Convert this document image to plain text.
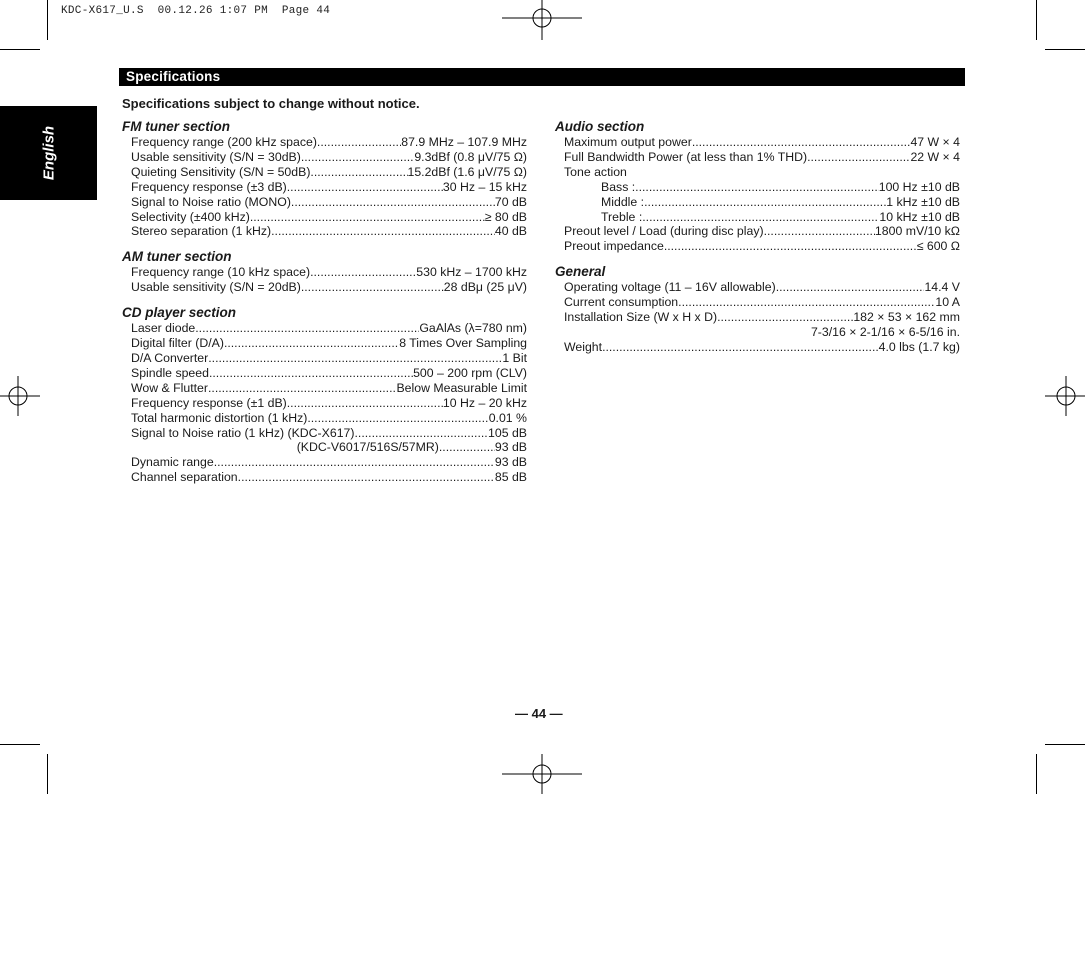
KDC-X617_U.S  00.12.26 1:07 PM  Page 44
Specifications
English
Specifications subject to change without notice.
FM tuner section
Frequency range (200 kHz space) .....	87.9 MHz – 107.9 MHz
Usable sensitivity (S/N = 30dB) .....	9.3dBf (0.8 μV/75 Ω)
Quieting Sensitivity (S/N = 50dB) .....	15.2dBf (1.6 μV/75 Ω)
Frequency response (±3 dB) .....	30 Hz – 15 kHz
Signal to Noise ratio (MONO) .....	70 dB
Selectivity (±400 kHz) .....	≥ 80 dB
Stereo separation (1 kHz) .....	40 dB
AM tuner section
Frequency range (10 kHz space) .....	530 kHz – 1700 kHz
Usable sensitivity (S/N = 20dB) .....	28 dBμ (25 μV)
CD player section
Laser diode .....	GaAlAs (λ=780 nm)
Digital filter (D/A) .....	8 Times Over Sampling
D/A Converter .....	1 Bit
Spindle speed .....	500 – 200 rpm (CLV)
Wow & Flutter .....	Below Measurable Limit
Frequency response (±1 dB) .....	10 Hz – 20 kHz
Total harmonic distortion (1 kHz) .....	0.01 %
Signal to Noise ratio (1 kHz) (KDC-X617) .....	105 dB
(KDC-V6017/516S/57MR) .....	93 dB
Dynamic range .....	93 dB
Channel separation .....	85 dB
Audio section
Maximum output power .....	47 W × 4
Full Bandwidth Power (at less than 1% THD) .....	22 W × 4
Tone action
Bass : .....	100 Hz ±10 dB
Middle : .....	1 kHz ±10 dB
Treble : .....	10 kHz ±10 dB
Preout level / Load (during disc play) .....	1800 mV/10 kΩ
Preout impedance .....	≤ 600 Ω
General
Operating voltage (11 – 16V allowable) .....	14.4 V
Current consumption .....	10 A
Installation Size (W x H x D) .....	182 × 53 × 162 mm
7-3/16 × 2-1/16 × 6-5/16 in.
Weight .....	4.0 lbs (1.7 kg)
— 44 —
